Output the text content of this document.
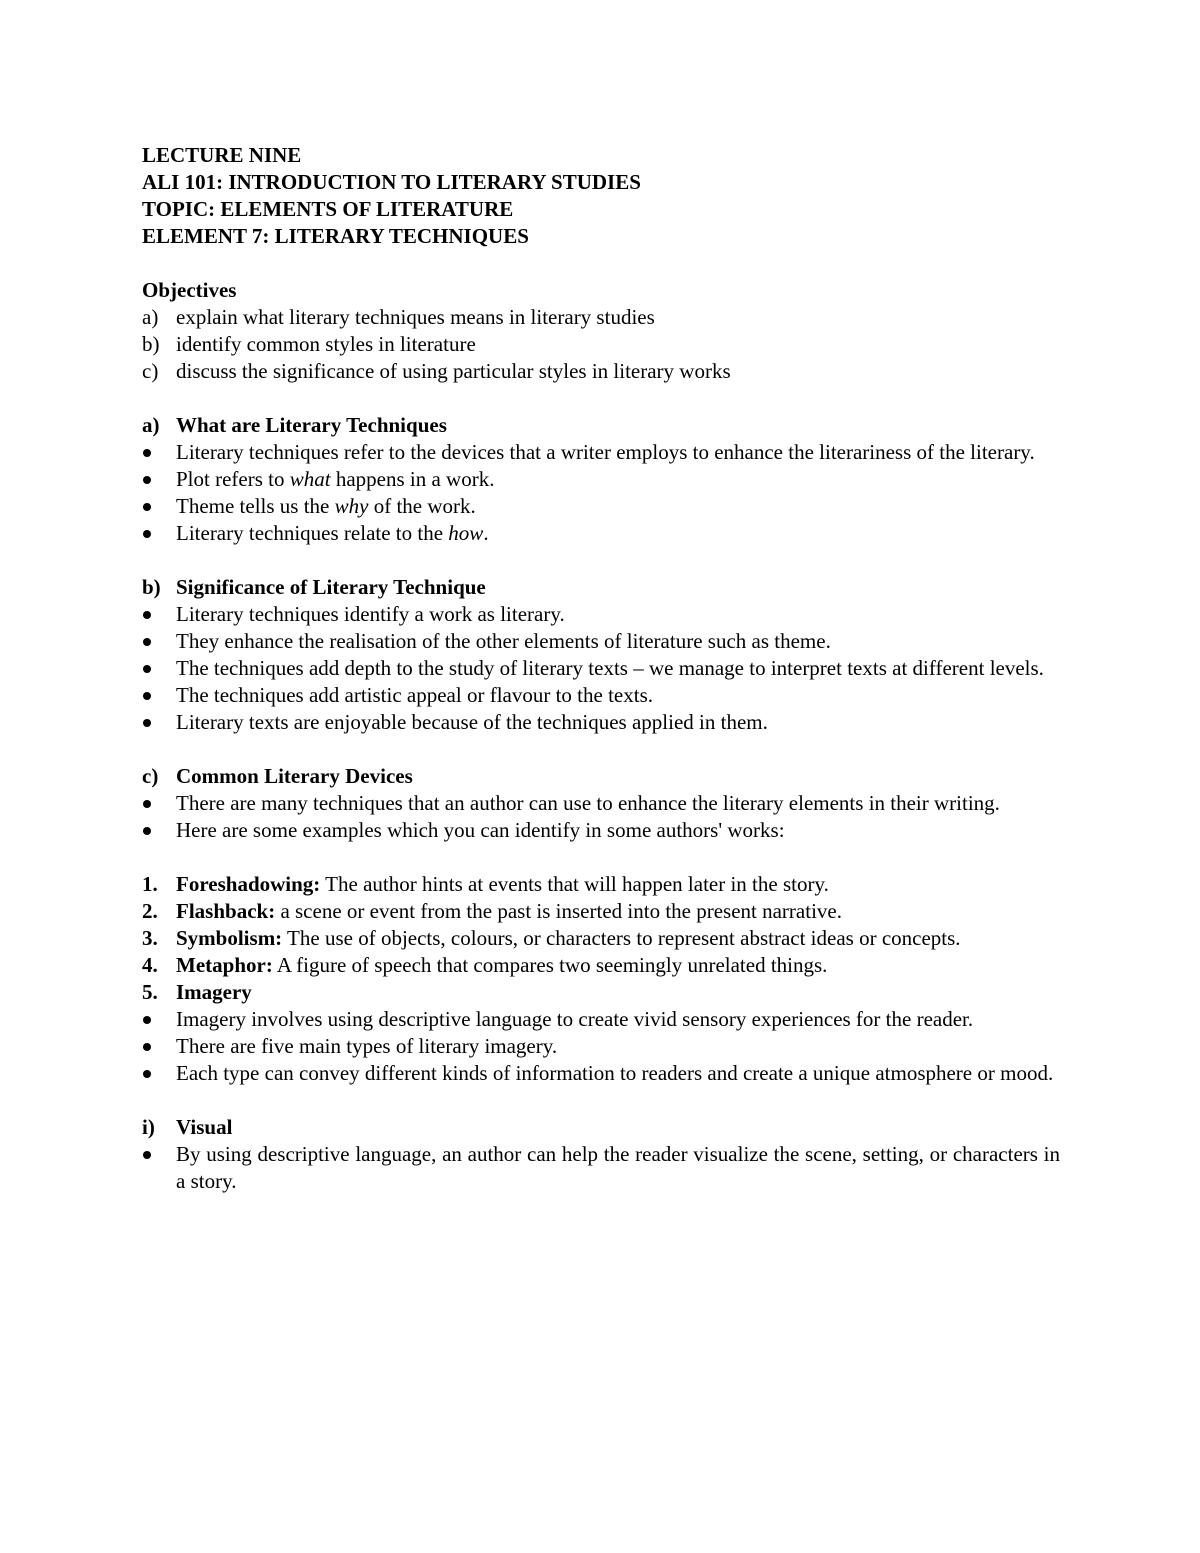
LECTURE NINE
ALI 101: INTRODUCTION TO LITERARY STUDIES
TOPIC: ELEMENTS OF LITERATURE
ELEMENT 7: LITERARY TECHNIQUES
Objectives
a) explain what literary techniques means in literary studies
b) identify common styles in literature
c) discuss the significance of using particular styles in literary works
a) What are Literary Techniques
Literary techniques refer to the devices that a writer employs to enhance the literariness of the literary.
Plot refers to what happens in a work.
Theme tells us the why of the work.
Literary techniques relate to the how.
b) Significance of Literary Technique
Literary techniques identify a work as literary.
They enhance the realisation of the other elements of literature such as theme.
The techniques add depth to the study of literary texts – we manage to interpret texts at different levels.
The techniques add artistic appeal or flavour to the texts.
Literary texts are enjoyable because of the techniques applied in them.
c) Common Literary Devices
There are many techniques that an author can use to enhance the literary elements in their writing.
Here are some examples which you can identify in some authors' works:
1. Foreshadowing: The author hints at events that will happen later in the story.
2. Flashback: a scene or event from the past is inserted into the present narrative.
3. Symbolism: The use of objects, colours, or characters to represent abstract ideas or concepts.
4. Metaphor: A figure of speech that compares two seemingly unrelated things.
5. Imagery
Imagery involves using descriptive language to create vivid sensory experiences for the reader.
There are five main types of literary imagery.
Each type can convey different kinds of information to readers and create a unique atmosphere or mood.
i)	Visual
By using descriptive language, an author can help the reader visualize the scene, setting, or characters in a story.
